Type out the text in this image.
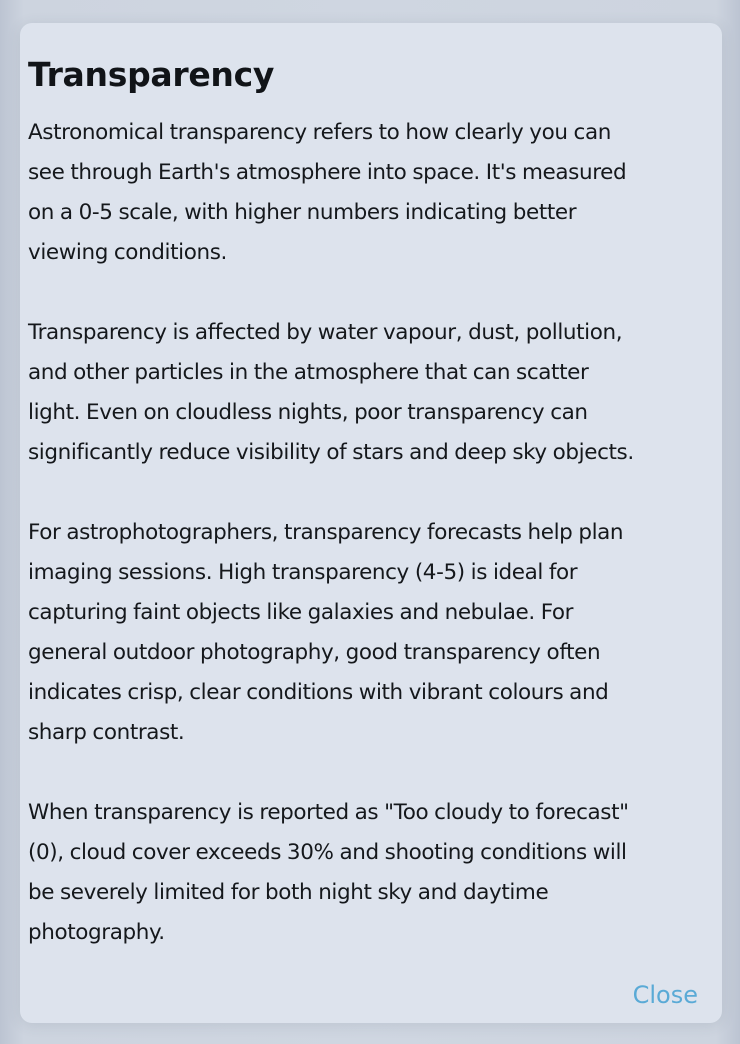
Transparency

Astronomical transparency refers to how clearly you can
see through Earth's atmosphere into space. It's measured
on a 0-5 scale, with higher numbers indicating better
viewing conditions.

Transparency is affected by water vapour, dust, pollution,
and other particles in the atmosphere that can scatter
light. Even on cloudless nights, poor transparency can
significantly reduce visibility of stars and deep sky objects.

For astrophotographers, transparency forecasts help plan
imaging sessions. High transparency (4-5) is ideal for
capturing faint objects like galaxies and nebulae. For
general outdoor photography, good transparency often
indicates crisp, clear conditions with vibrant colours and
sharp contrast.

When transparency is reported as "Too cloudy to forecast"
(0), cloud cover exceeds 30% and shooting conditions will
be severely limited for both night sky and daytime
photography.

Close
